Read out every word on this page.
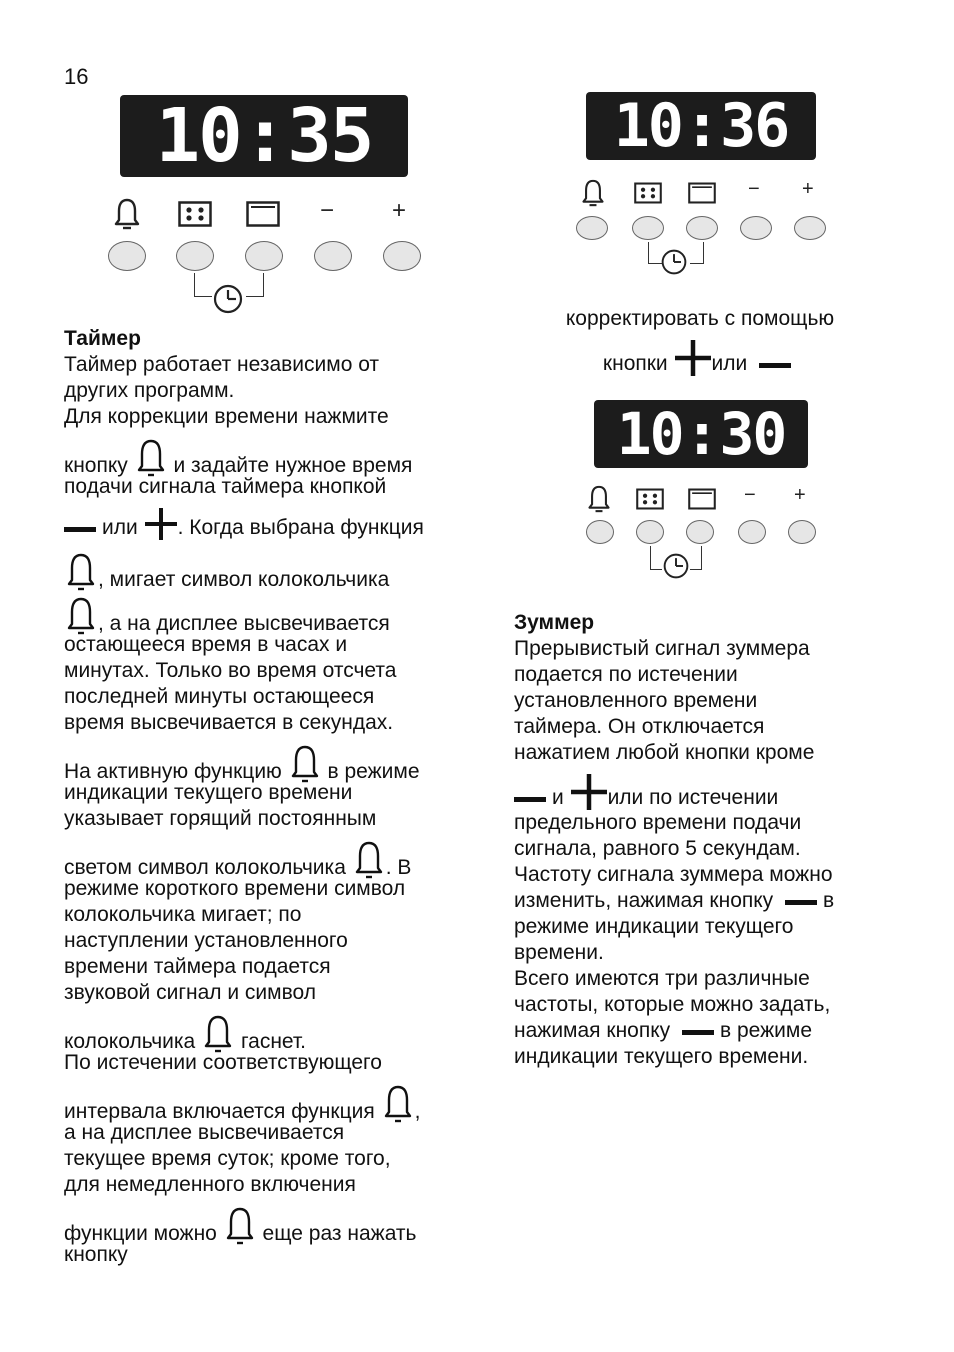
16
10 : 35
− +
10 : 36
− +
10 : 30
− +
Таймер
Таймер работает независимо от
других программ.
Для коррекции времени нажмите
кнопку и задайте нужное время
подачи сигнала таймера кнопкой
или . Когда выбрана функция
, мигает символ колокольчика
, а на дисплее высвечивается
остающееся время в часах и
минутах. Только во время отсчета
последней минуты остающееся
время высвечивается в секундах.
На активную функцию в режиме
индикации текущего времени
указывает горящий постоянным
светом символ колокольчика . В
режиме короткого времени символ
колокольчика мигает; по
наступлении установленного
времени таймера подается
звуковой сигнал и символ
колокольчика гаснет.
По истечении соответствующего
интервала включается функция ,
а на дисплее высвечивается
текущее время суток; кроме того,
для немедленного включения
функции можно еще раз нажать
кнопку
корректировать с помощью
кнопки или
Зуммер
Прерывистый сигнал зуммера
подается по истечении
установленного времени
таймера. Он отключается
нажатием любой кнопки кроме
и или по истечении
предельного времени подачи
сигнала, равного 5 секундам.
Частоту сигнала зуммера можно
изменить, нажимая кнопку в
режиме индикации текущего
времени.
Всего имеются три различные
частоты, которые можно задать,
нажимая кнопку в режиме
индикации текущего времени.
